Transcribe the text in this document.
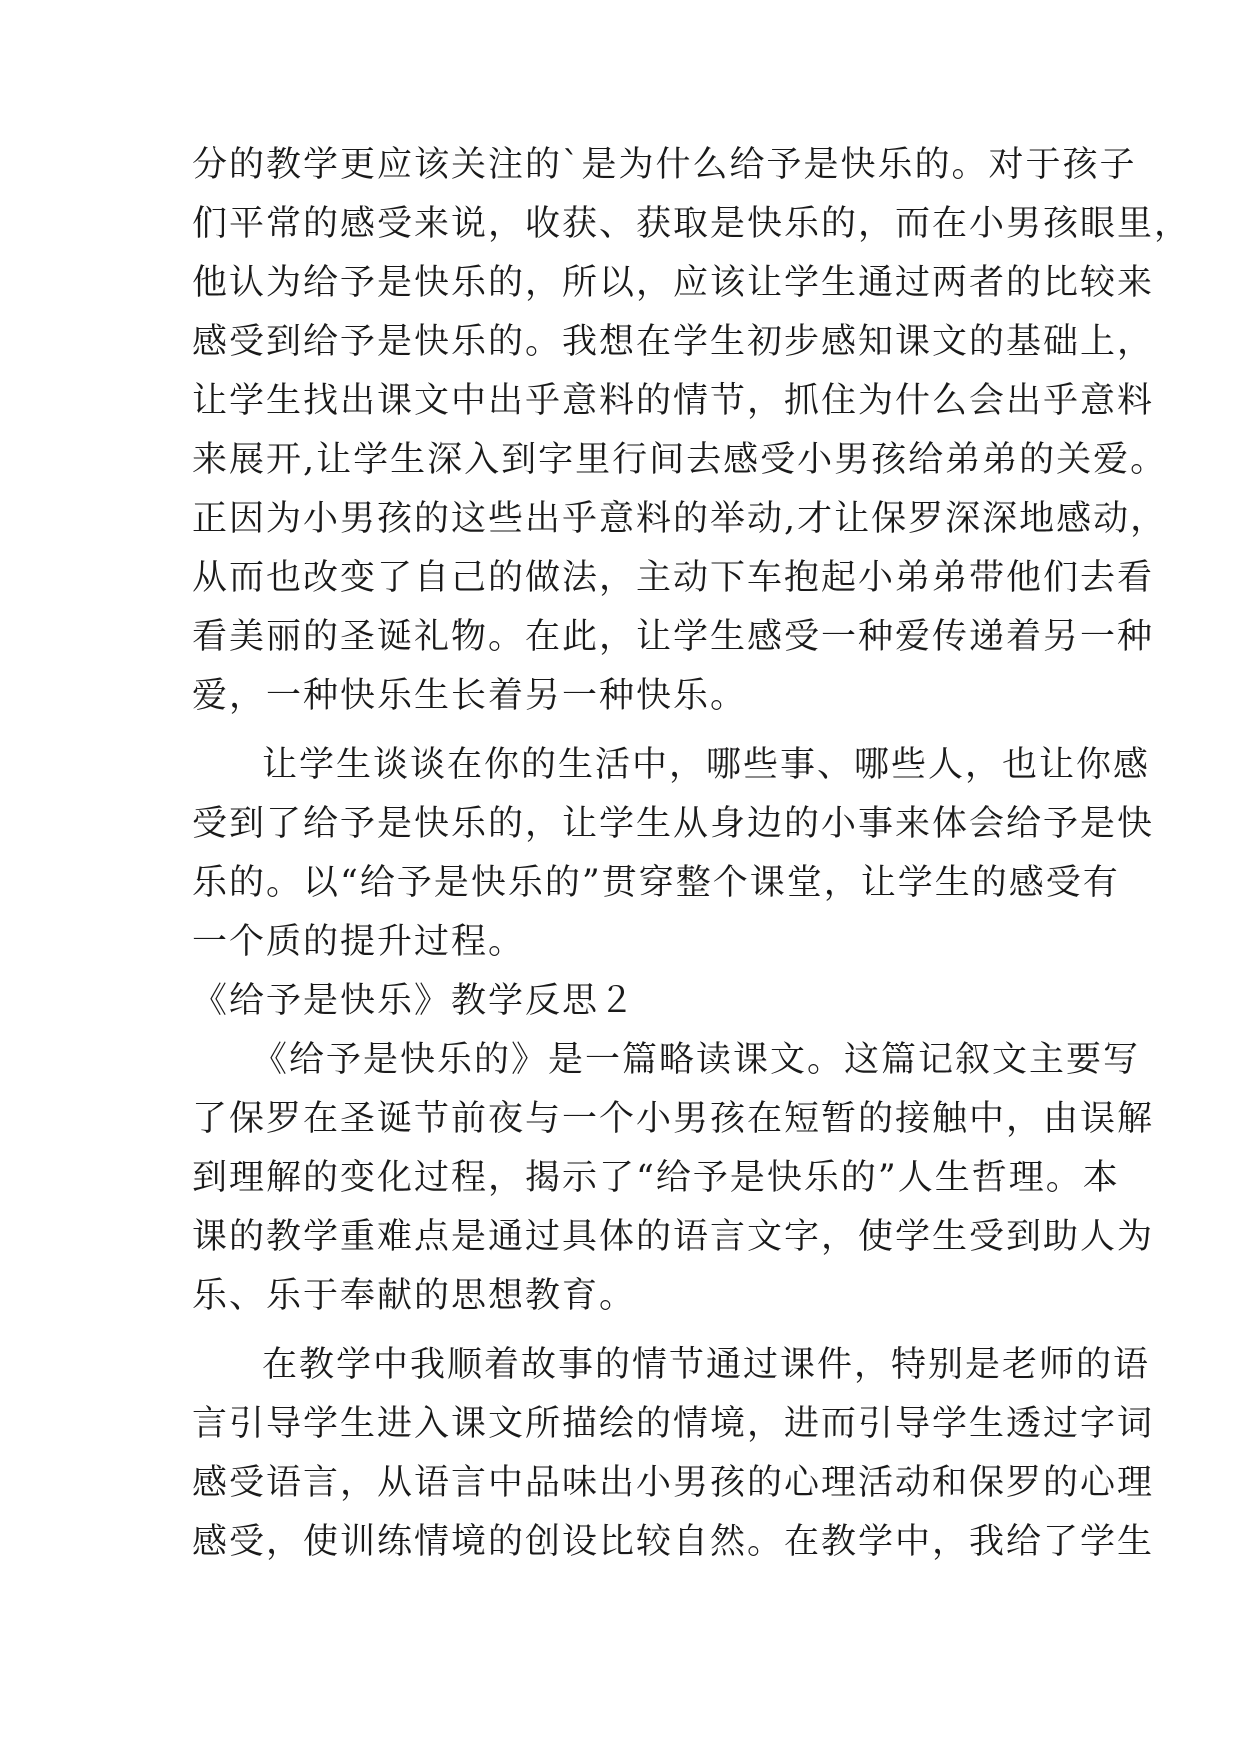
分的教学更应该关注的`是为什么给予是快乐的。对于孩子
们平常的感受来说，收获、获取是快乐的，而在小男孩眼里，
他认为给予是快乐的，所以，应该让学生通过两者的比较来
感受到给予是快乐的。我想在学生初步感知课文的基础上，
让学生找出课文中出乎意料的情节，抓住为什么会出乎意料
来展开,让学生深入到字里行间去感受小男孩给弟弟的关爱。
正因为小男孩的这些出乎意料的举动,才让保罗深深地感动，
从而也改变了自己的做法，主动下车抱起小弟弟带他们去看
看美丽的圣诞礼物。在此，让学生感受一种爱传递着另一种
爱，一种快乐生长着另一种快乐。
让学生谈谈在你的生活中，哪些事、哪些人，也让你感
受到了给予是快乐的，让学生从身边的小事来体会给予是快
乐的。以“给予是快乐的”贯穿整个课堂，让学生的感受有
一个质的提升过程。
《给予是快乐》教学反思２
《给予是快乐的》是一篇略读课文。这篇记叙文主要写
了保罗在圣诞节前夜与一个小男孩在短暂的接触中，由误解
到理解的变化过程，揭示了“给予是快乐的”人生哲理。本
课的教学重难点是通过具体的语言文字，使学生受到助人为
乐、乐于奉献的思想教育。
在教学中我顺着故事的情节通过课件，特别是老师的语
言引导学生进入课文所描绘的情境，进而引导学生透过字词
感受语言，从语言中品味出小男孩的心理活动和保罗的心理
感受，使训练情境的创设比较自然。在教学中，我给了学生
